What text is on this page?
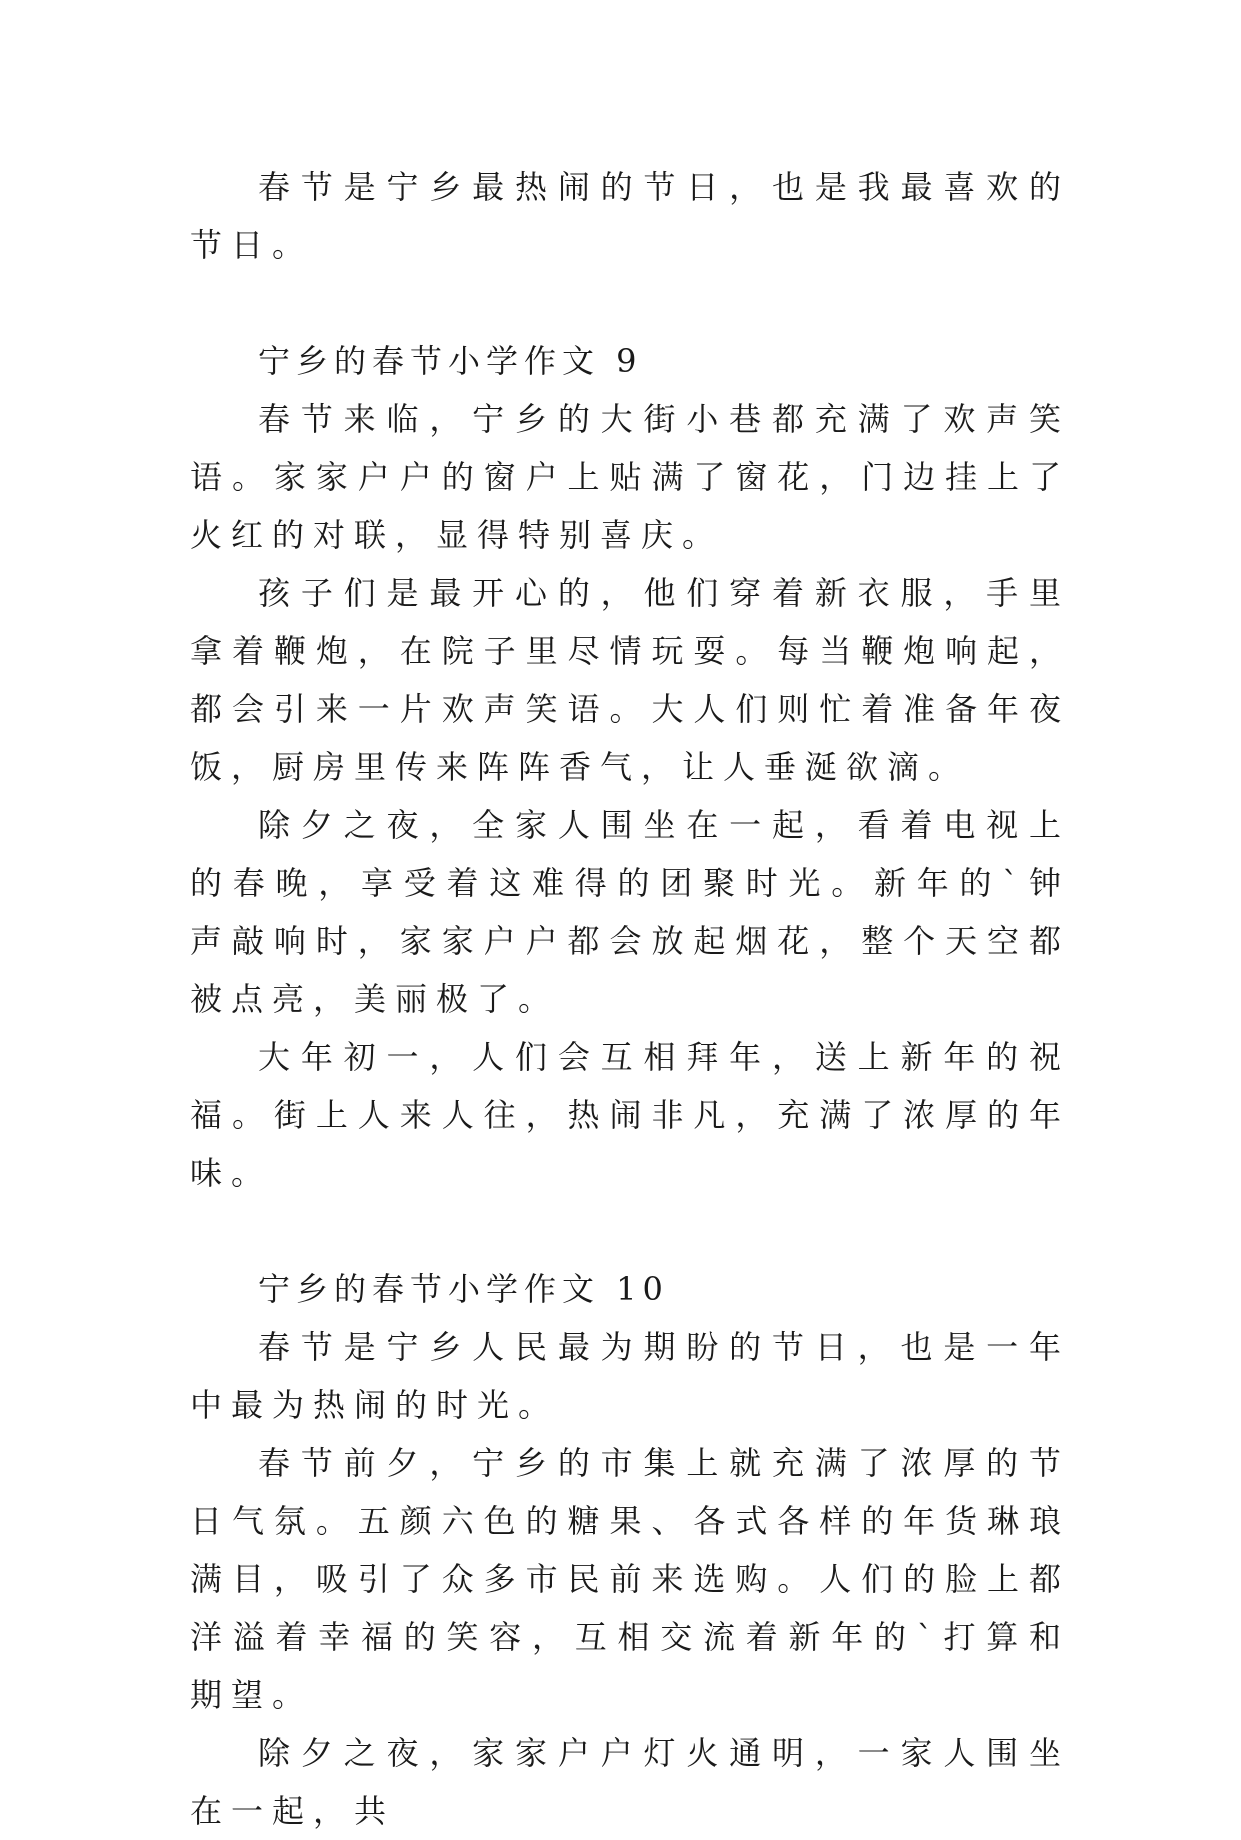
春节是宁乡最热闹的节日，也是我最喜欢的节日。

宁乡的春节小学作文 9

春节来临，宁乡的大街小巷都充满了欢声笑语。家家户户的窗户上贴满了窗花，门边挂上了火红的对联，显得特别喜庆。

孩子们是最开心的，他们穿着新衣服，手里拿着鞭炮，在院子里尽情玩耍。每当鞭炮响起，都会引来一片欢声笑语。大人们则忙着准备年夜饭，厨房里传来阵阵香气，让人垂涎欲滴。

除夕之夜，全家人围坐在一起，看着电视上的春晚，享受着这难得的团聚时光。新年的`钟声敲响时，家家户户都会放起烟花，整个天空都被点亮，美丽极了。

大年初一，人们会互相拜年，送上新年的祝福。街上人来人往，热闹非凡，充满了浓厚的年味。

宁乡的春节小学作文 10

春节是宁乡人民最为期盼的节日，也是一年中最为热闹的时光。

春节前夕，宁乡的市集上就充满了浓厚的节日气氛。五颜六色的糖果、各式各样的年货琳琅满目，吸引了众多市民前来选购。人们的脸上都洋溢着幸福的笑容，互相交流着新年的`打算和期望。

除夕之夜，家家户户灯火通明，一家人围坐在一起，共
